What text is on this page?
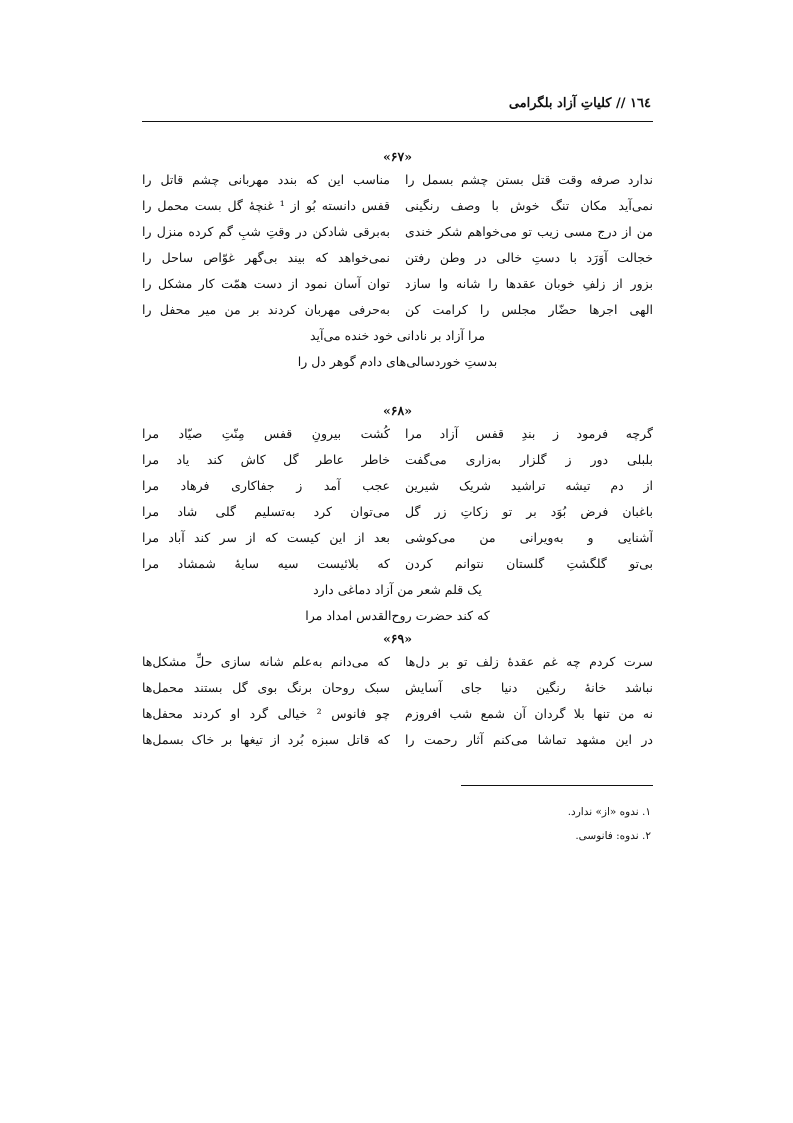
١٦٤ // کلیاتِ آزاد بلگرامی
«۶۷»
ندارد صرفه وقت قتل بستن چشم بسمل را
مناسب این که بندد مهربانی چشم قاتل را
نمی‌آید مکان تنگ خوش با وصف رنگینی
قفس دانسته بُو از ¹ غنچهٔ گل بست محمل را
من از درج مسی زیب تو می‌خواهم شکر خندی
به‌برقی شادکن در وقتِ شبِ گم کرده منزل را
خجالت آوَرَد با دستِ خالی در وطن رفتن
نمی‌خواهد که بیند بی‌گهر غوّاص ساحل را
بزور از زلفِ خوبان عقدها را شانه وا سازد
توان آسان نمود از دست همّت کار مشکل را
الهی اجرها حضّار مجلس را کرامت کن
به‌حرفی مهربان کردند بر من میر محفل را
مرا آزاد بر نادانی خود خنده می‌آید
بدستِ خوردسالی‌های دادم گوهر دل را
«۶۸»
گرچه فرمود ز بندِ قفس آزاد مرا
کُشت بیرونِ قفس مِنّتِ صیّاد مرا
بلبلی دور ز گلزار به‌زاری می‌گفت
خاطر عاطر گل کاش کند یاد مرا
از دم تیشه تراشید شریک شیرین
عجب آمد ز جفاکاری فرهاد مرا
باغبان فرض بُوَد بر تو زکاتِ زر گل
می‌توان کرد به‌تسلیم گلی شاد مرا
آشنایی و به‌ویرانی من می‌کوشی
بعد از این کیست که از سر کند آباد مرا
بی‌تو گلگشتِ گلستان نتوانم کردن
که بلائیست سیه سایهٔ شمشاد مرا
یک قلم شعر من آزاد دماغی دارد
که کند حضرت روح‌القدس امداد مرا
«۶۹»
سرت کردم چه غم عقدهٔ زلف تو بر دل‌ها
که می‌دانم به‌علم شانه سازی حلِّ مشکل‌ها
نباشد خانهٔ رنگین دنیا جای آسایش
سبک روحان برنگ بوی گل بستند محمل‌ها
نه من تنها بلا گردان آن شمع شب افروزم
چو فانوس ² خیالی گرد او کردند محفل‌ها
در این مشهد تماشا می‌کنم آثار رحمت را
که قاتل سبزه بُرد از تیغها بر خاک بسمل‌ها
۱. ندوه «از» ندارد.
۲. ندوه: فانوسی.
